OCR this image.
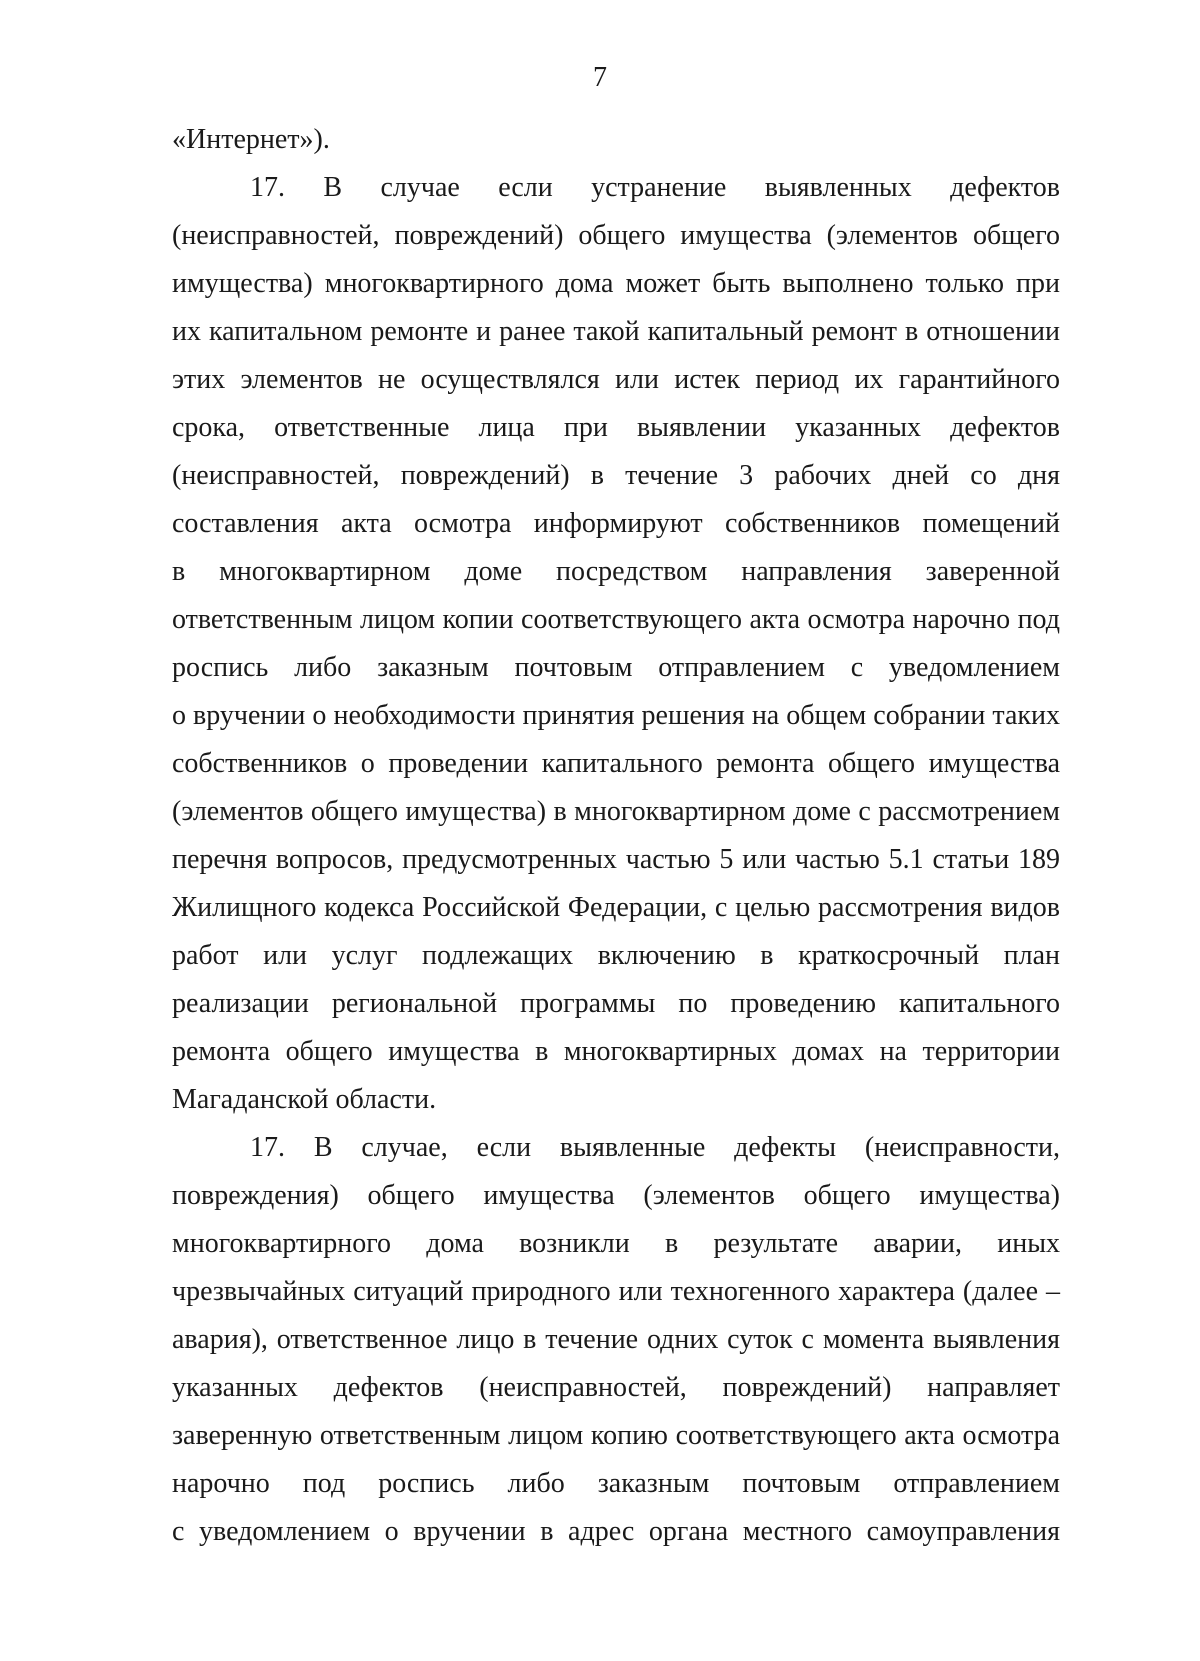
7
«Интернет»).
17. В случае если устранение выявленных дефектов
(неисправностей, повреждений) общего имущества (элементов общего
имущества) многоквартирного дома может быть выполнено только при
их капитальном ремонте и ранее такой капитальный ремонт в отношении
этих элементов не осуществлялся или истек период их гарантийного
срока, ответственные лица при выявлении указанных дефектов
(неисправностей, повреждений) в течение 3 рабочих дней со дня
составления акта осмотра информируют собственников помещений
в многоквартирном доме посредством направления заверенной
ответственным лицом копии соответствующего акта осмотра нарочно под
роспись либо заказным почтовым отправлением с уведомлением
о вручении о необходимости принятия решения на общем собрании таких
собственников о проведении капитального ремонта общего имущества
(элементов общего имущества) в многоквартирном доме с рассмотрением
перечня вопросов, предусмотренных частью 5 или частью 5.1 статьи 189
Жилищного кодекса Российской Федерации, с целью рассмотрения видов
работ или услуг подлежащих включению в краткосрочный план
реализации региональной программы по проведению капитального
ремонта общего имущества в многоквартирных домах на территории
Магаданской области.
17. В случае, если выявленные дефекты (неисправности,
повреждения) общего имущества (элементов общего имущества)
многоквартирного дома возникли в результате аварии, иных
чрезвычайных ситуаций природного или техногенного характера (далее –
авария), ответственное лицо в течение одних суток с момента выявления
указанных дефектов (неисправностей, повреждений) направляет
заверенную ответственным лицом копию соответствующего акта осмотра
нарочно под роспись либо заказным почтовым отправлением
с уведомлением о вручении в адрес органа местного самоуправления
